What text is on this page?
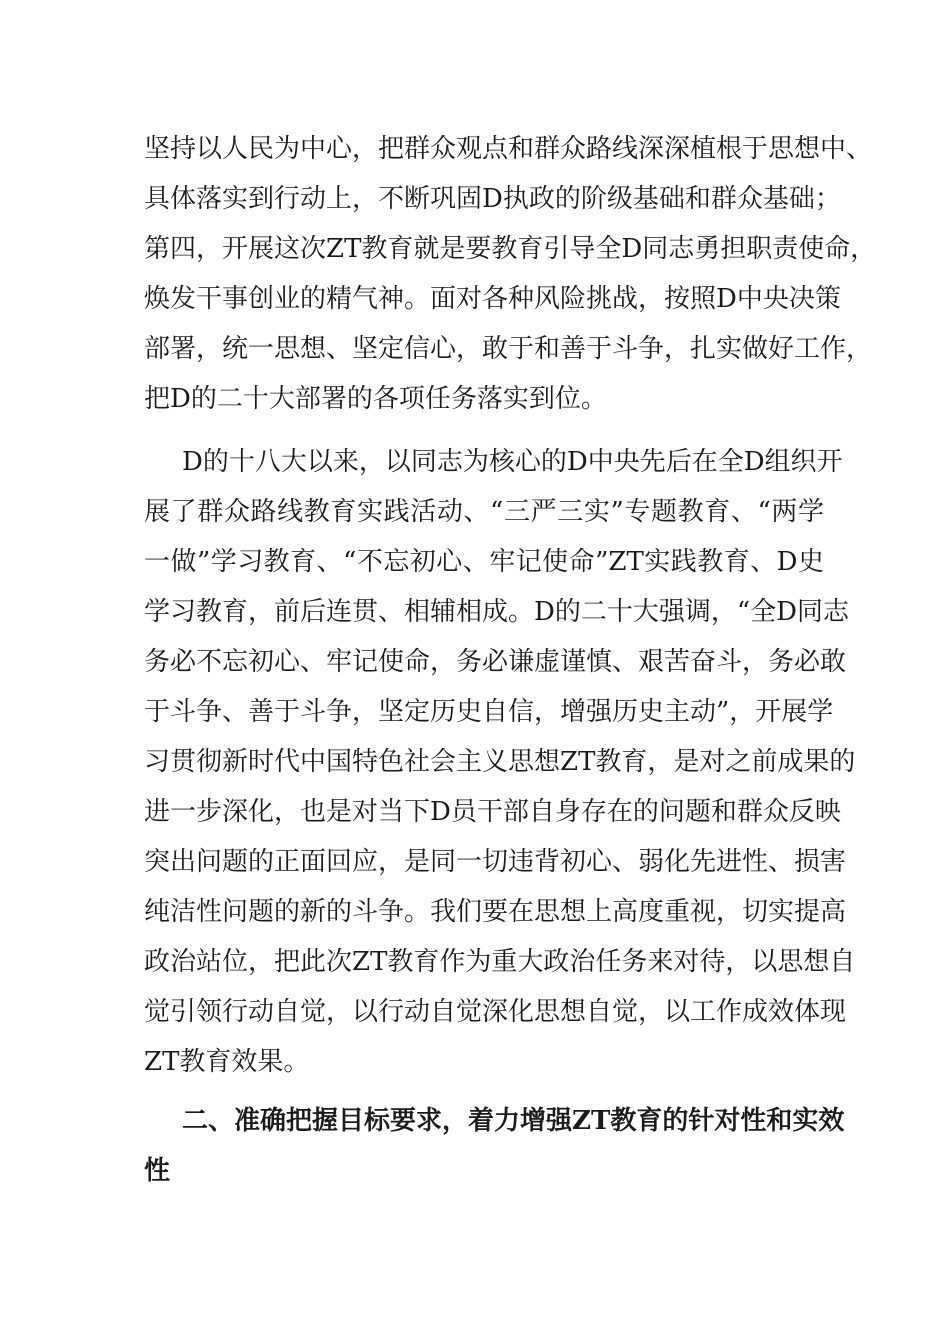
坚持以人民为中心，把群众观点和群众路线深深植根于思想中、
具体落实到行动上，不断巩固D执政的阶级基础和群众基础；
第四，开展这次ZT教育就是要教育引导全D同志勇担职责使命，
焕发干事创业的精气神。面对各种风险挑战，按照D中央决策
部署，统一思想、坚定信心，敢于和善于斗争，扎实做好工作，
把D的二十大部署的各项任务落实到位。
D的十八大以来，以同志为核心的D中央先后在全D组织开
展了群众路线教育实践活动、“三严三实”专题教育、“两学
一做”学习教育、“不忘初心、牢记使命”ZT实践教育、D史
学习教育，前后连贯、相辅相成。D的二十大强调，“全D同志
务必不忘初心、牢记使命，务必谦虚谨慎、艰苦奋斗，务必敢
于斗争、善于斗争，坚定历史自信，增强历史主动”，开展学
习贯彻新时代中国特色社会主义思想ZT教育，是对之前成果的
进一步深化，也是对当下D员干部自身存在的问题和群众反映
突出问题的正面回应，是同一切违背初心、弱化先进性、损害
纯洁性问题的新的斗争。我们要在思想上高度重视，切实提高
政治站位，把此次ZT教育作为重大政治任务来对待，以思想自
觉引领行动自觉，以行动自觉深化思想自觉，以工作成效体现
ZT教育效果。
二、准确把握目标要求，着力增强ZT教育的针对性和实效
性
